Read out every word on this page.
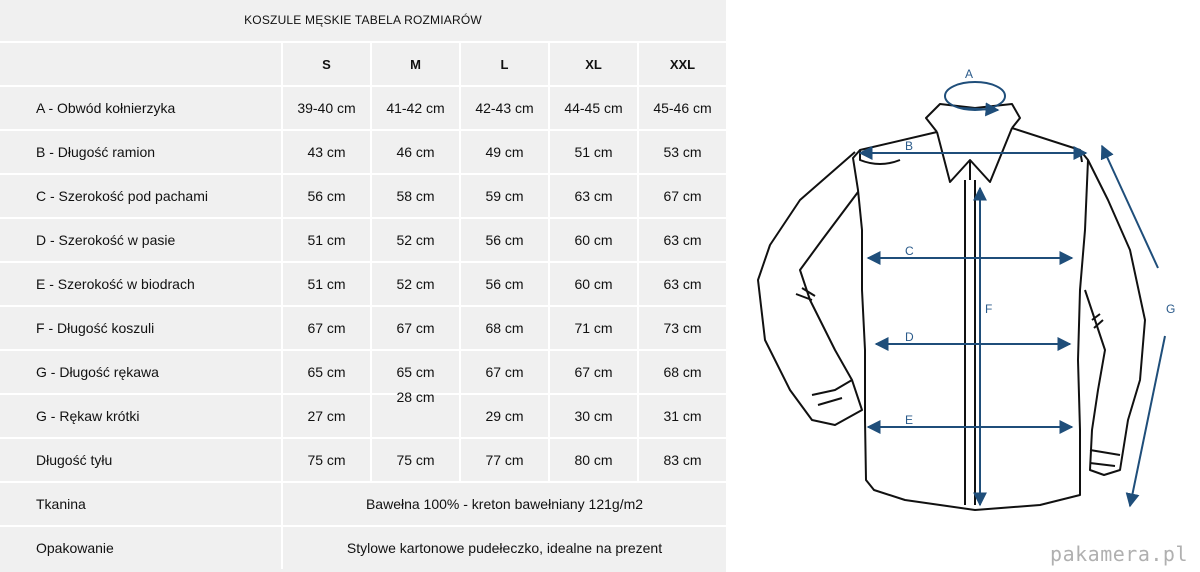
KOSZULE MĘSKIE TABELA ROZMIARÓW
	S	M	L	XL	XXL
A - Obwód kołnierzyka	39-40 cm	41-42 cm	42-43 cm	44-45 cm	45-46 cm
B - Długość ramion	43 cm	46 cm	49 cm	51 cm	53 cm
C - Szerokość pod pachami	56 cm	58 cm	59 cm	63 cm	67 cm
D - Szerokość w pasie	51 cm	52 cm	56 cm	60 cm	63 cm
E - Szerokość w biodrach	51 cm	52 cm	56 cm	60 cm	63 cm
F - Długość koszuli	67 cm	67 cm	68 cm	71 cm	73 cm
G - Długość rękawa	65 cm	65 cm	67 cm	67 cm	68 cm
G - Rękaw krótki	27 cm	28 cm	29 cm	30 cm	31 cm
Długość tyłu	75 cm	75 cm	77 cm	80 cm	83 cm
Tkanina	Bawełna 100% - kreton bawełniany 121g/m2				
Opakowanie	Stylowe kartonowe pudełeczko, idealne na prezent				
A
B
C
D
E
F	G
pakamera.pl
